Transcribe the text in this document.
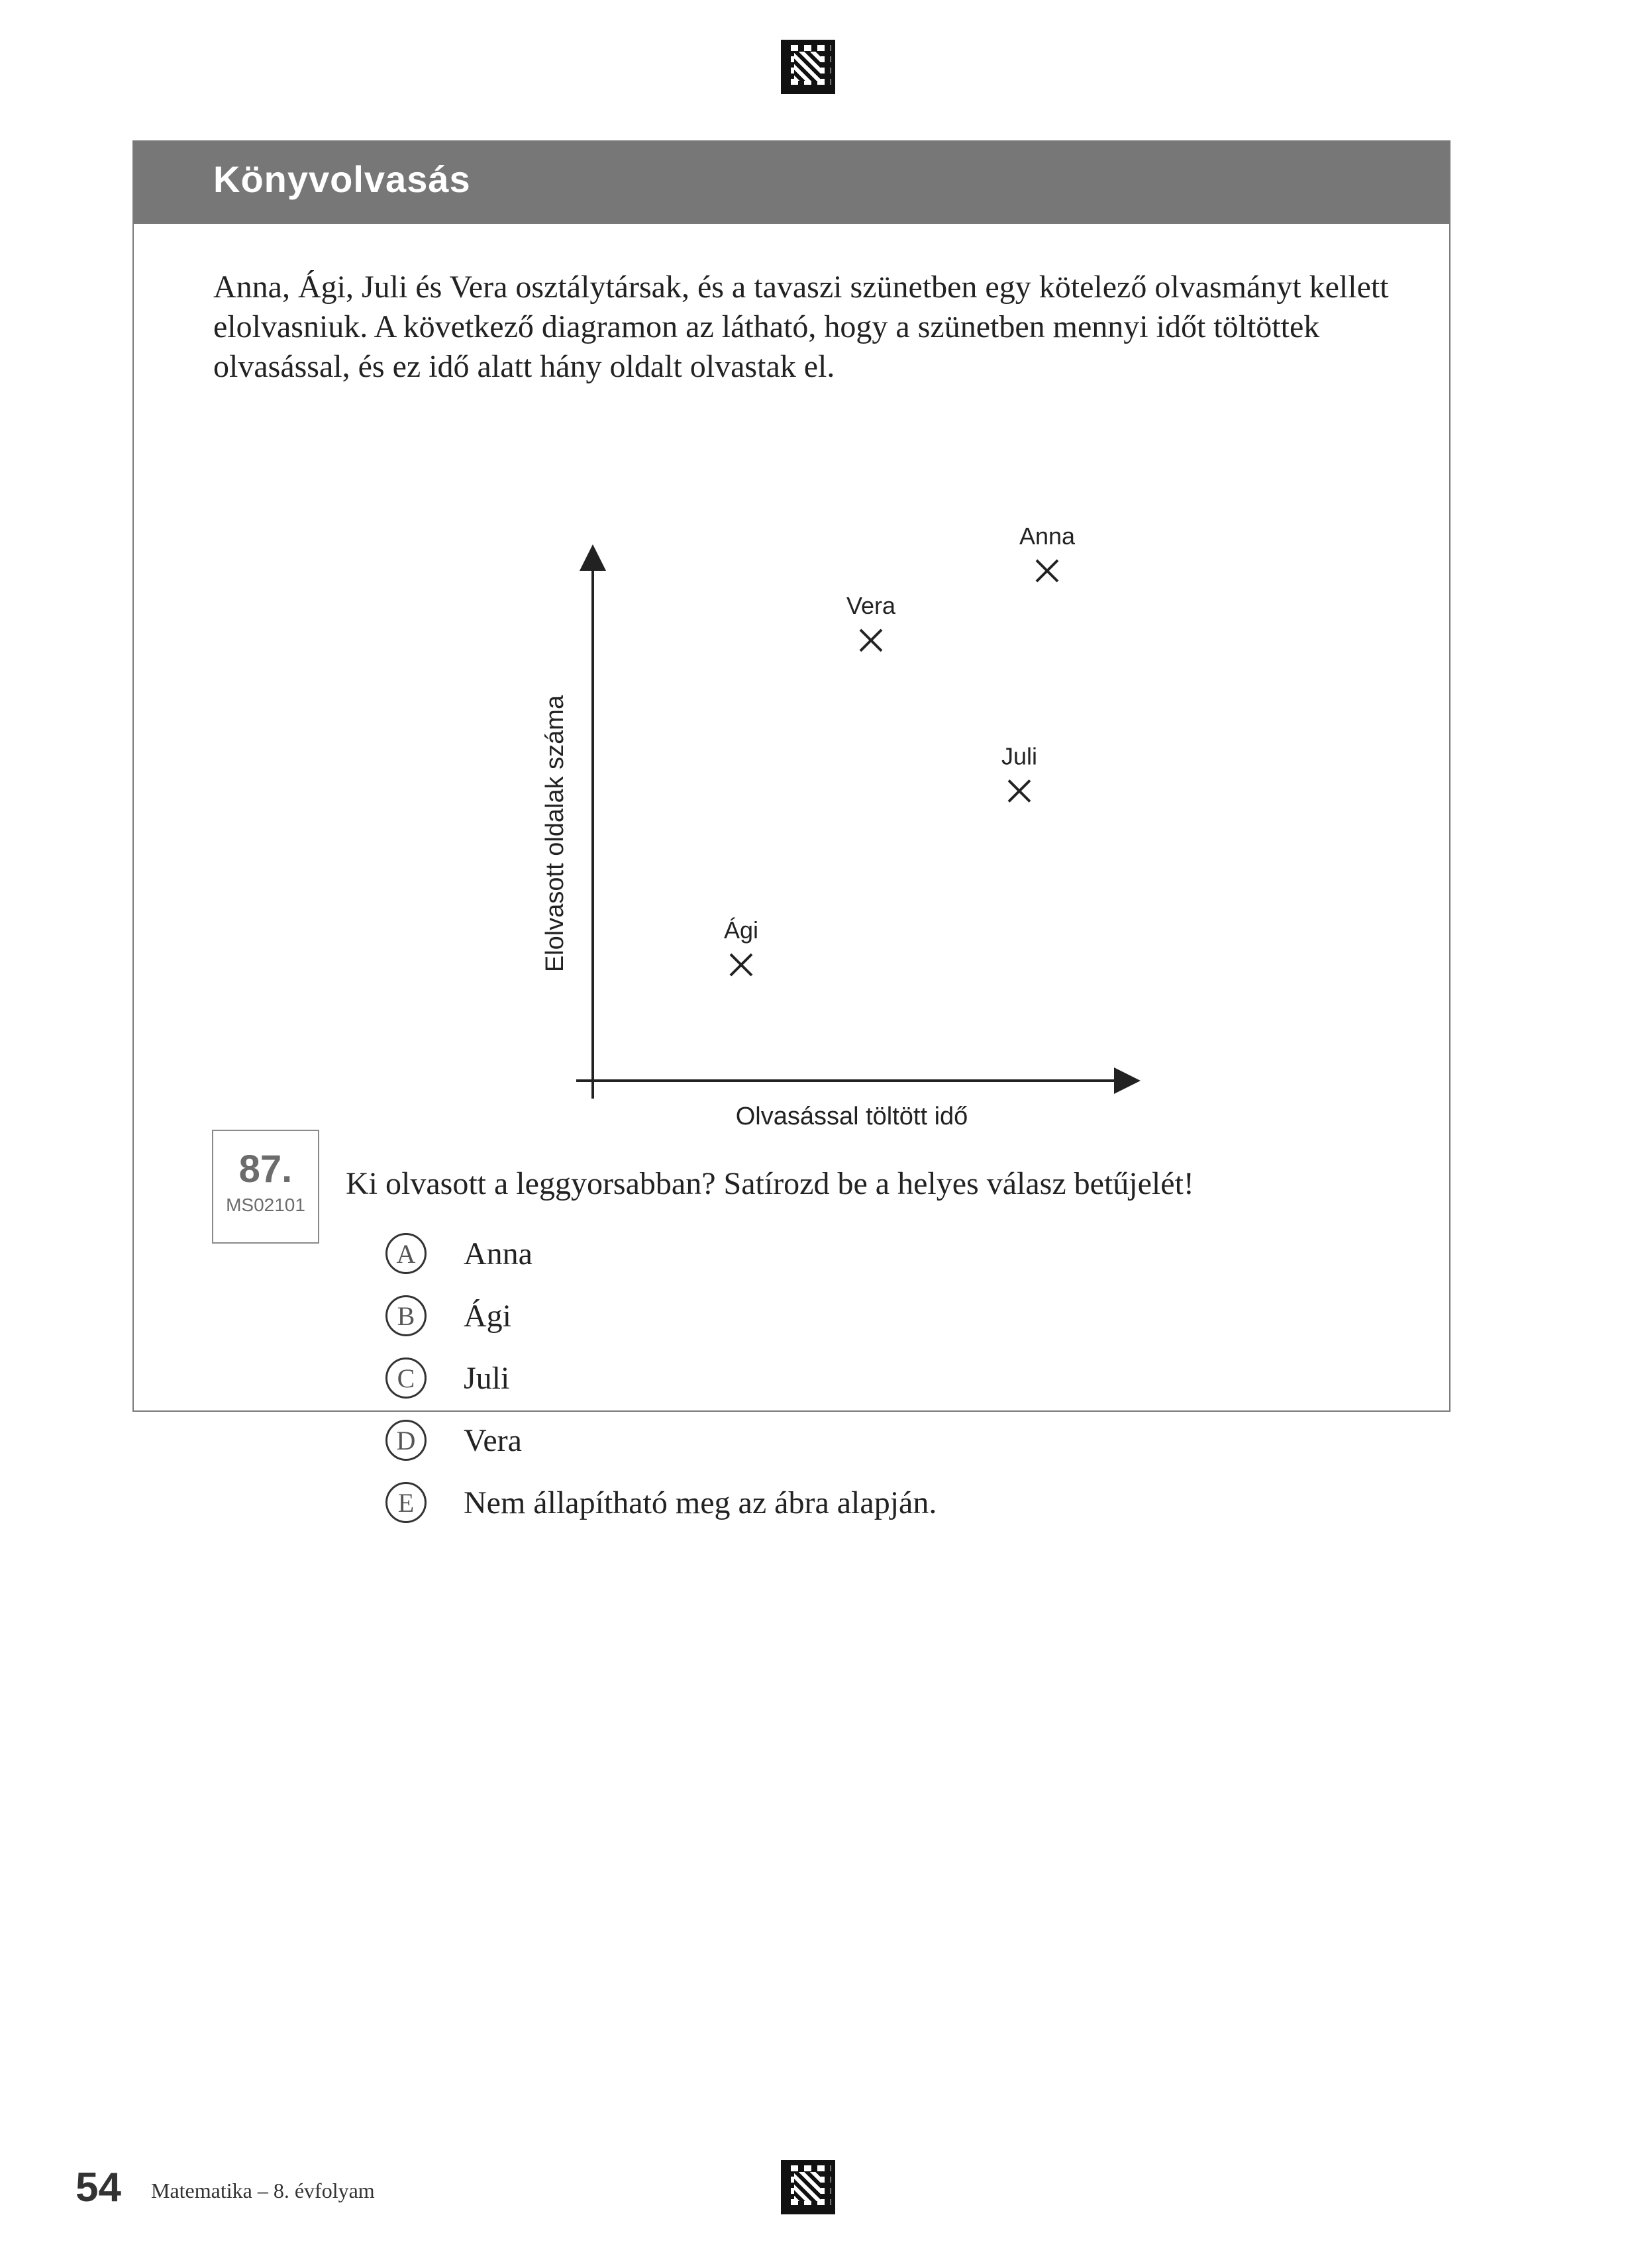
Könyvolvasás
Anna, Ági, Juli és Vera osztálytársak, és a tavaszi szünetben egy kötelező olvasmányt kellett elolvasniuk. A következő diagramon az látható, hogy a szünetben mennyi időt töltöttek olvasással, és ez idő alatt hány oldalt olvastak el.
Elolvasott oldalak száma
Olvasással töltött idő
Ági
Vera
Anna
Juli
87.
MS02101
Ki olvasott a leggyorsabban? Satírozd be a helyes válasz betűjelét!
A	Anna
B	Ági
C	Juli
D	Vera
E	Nem állapítható meg az ábra alapján.
54 Matematika – 8. évfolyam
